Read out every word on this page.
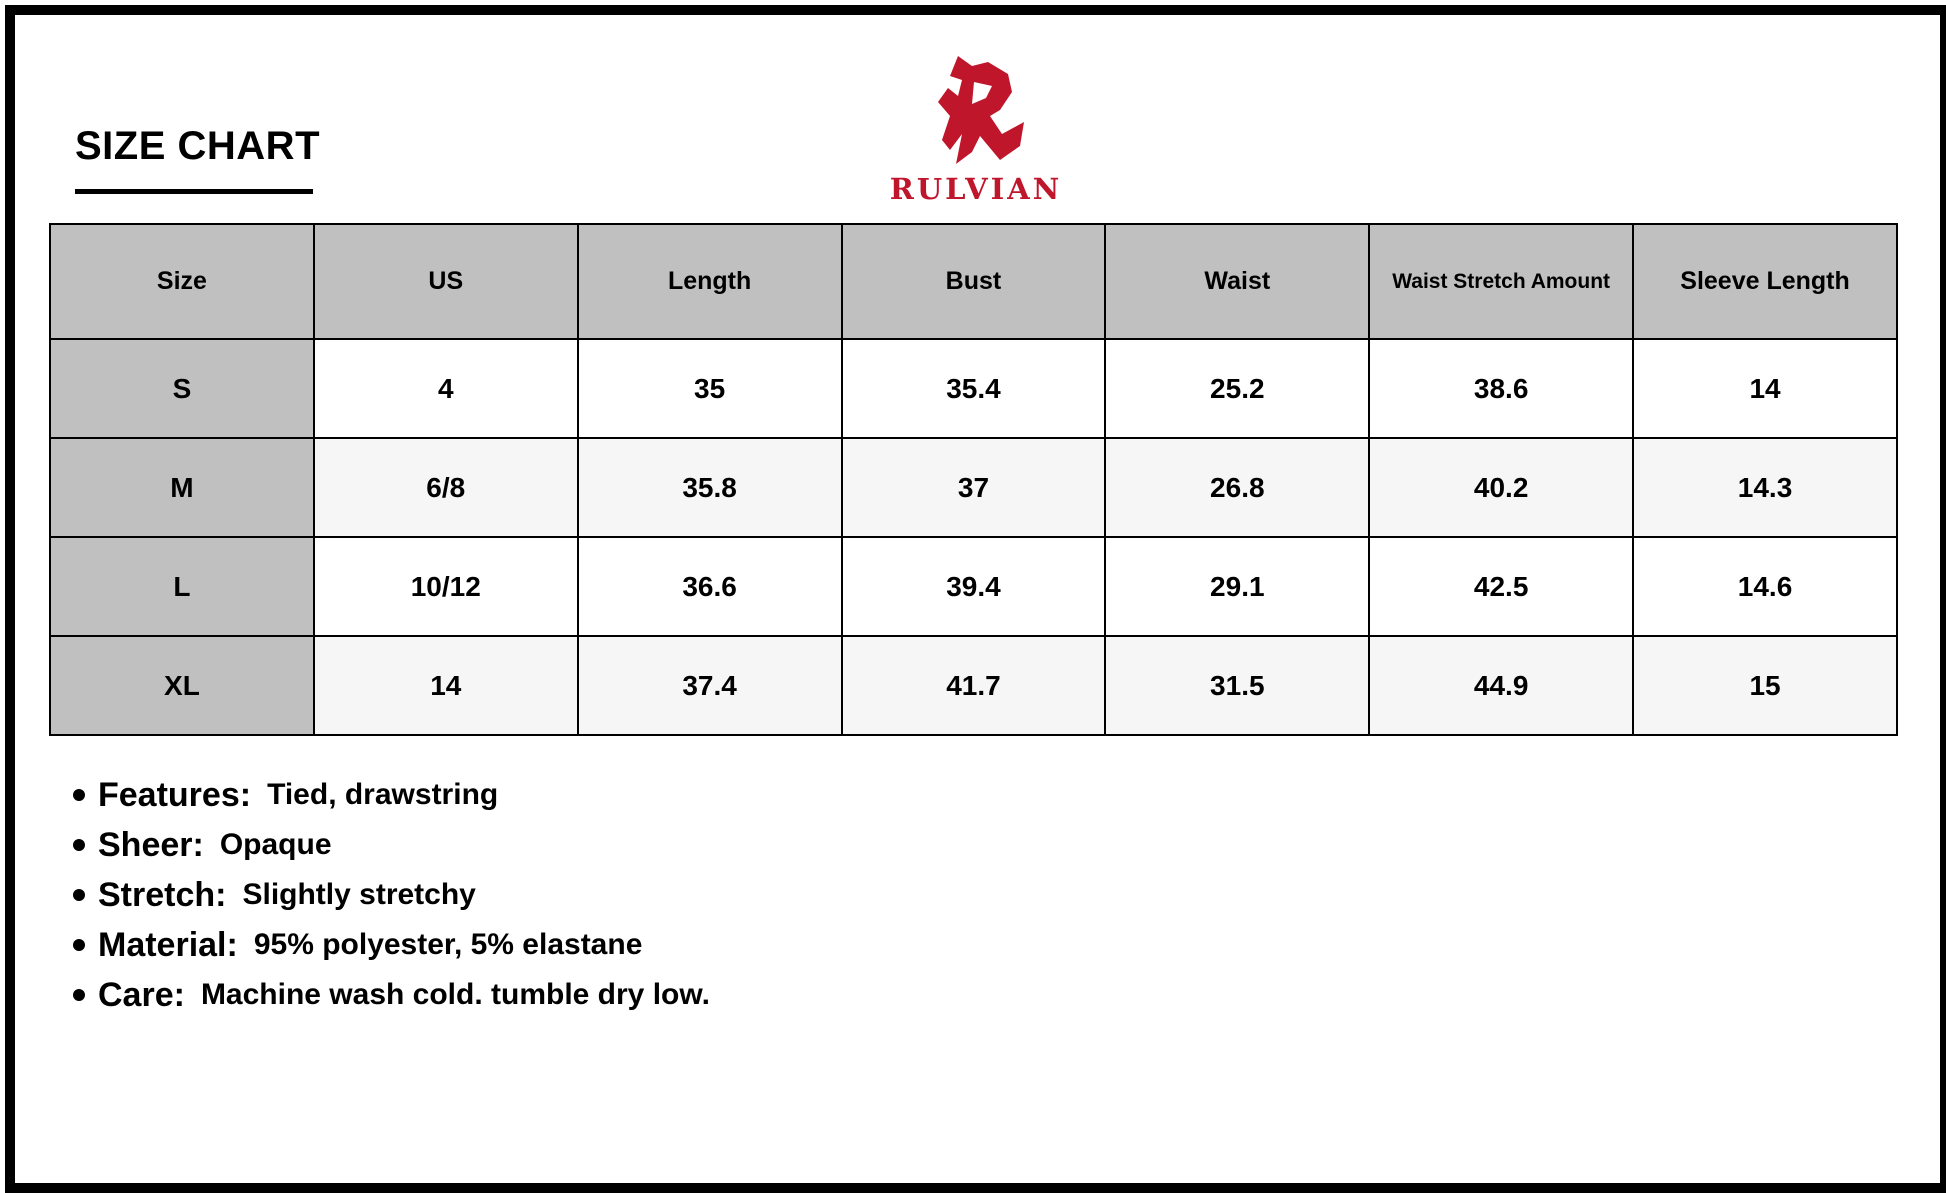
SIZE CHART
RULVIAN
Size	US	Length	Bust	Waist	Waist Stretch Amount	Sleeve Length
S	4	35	35.4	25.2	38.6	14
M	6/8	35.8	37	26.8	40.2	14.3
L	10/12	36.6	39.4	29.1	42.5	14.6
XL	14	37.4	41.7	31.5	44.9	15
Features: Tied, drawstring
Sheer: Opaque
Stretch: Slightly stretchy
Material: 95% polyester, 5% elastane
Care: Machine wash cold. tumble dry low.
